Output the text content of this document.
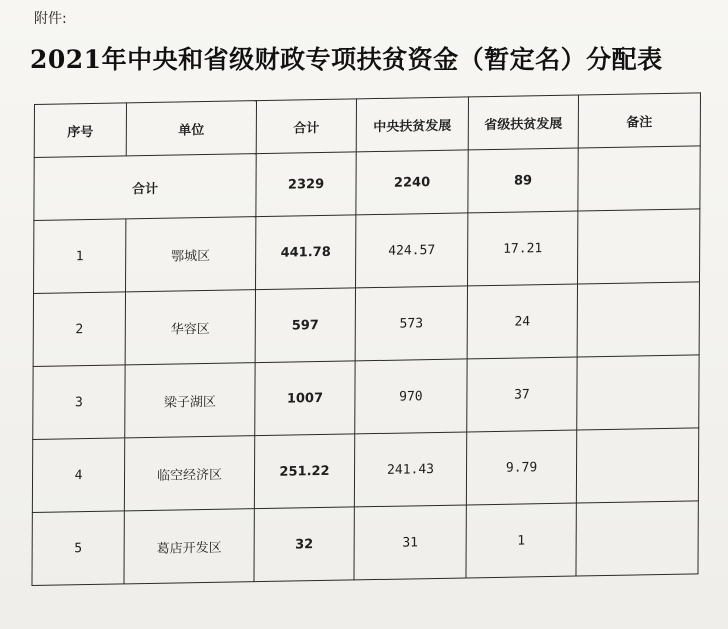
附件:
2021年中央和省级财政专项扶贫资金（暂定名）分配表
序号	单位	合计	中央扶贫发展	省级扶贫发展	备注
合计		2329	2240	89	
1	鄂城区	441.78	424.57	17.21	
2	华容区	597	573	24	
3	梁子湖区	1007	970	37	
4	临空经济区	251.22	241.43	9.79	
5	葛店开发区	32	31	1	
